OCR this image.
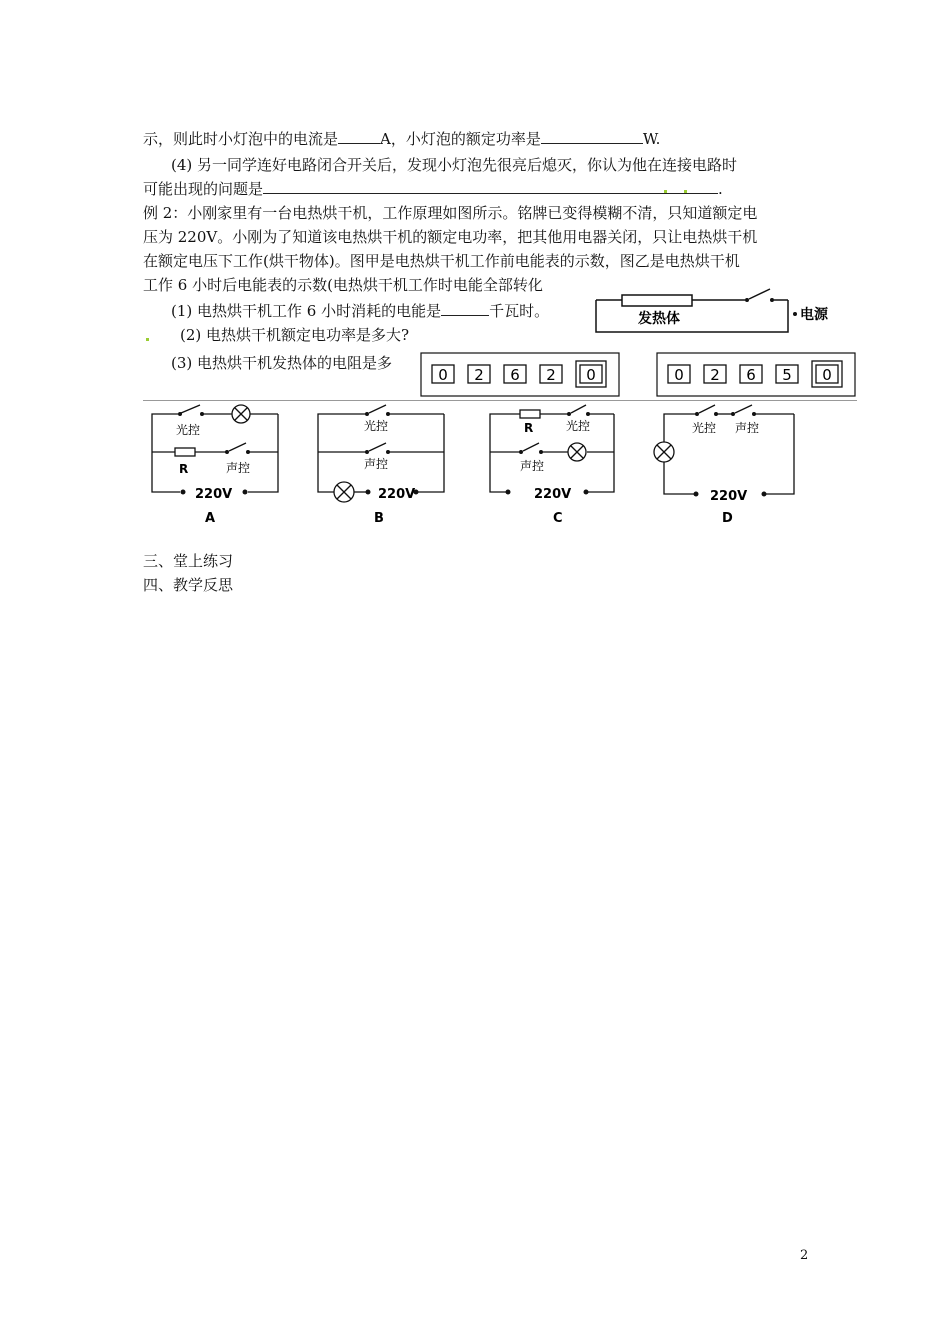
示，则此时小灯泡中的电流是	A，小灯泡的额定功率是	W.
(4) 另一同学连好电路闭合开关后，发现小灯泡先很亮后熄灭，你认为他在连接电路时
可能出现的问题是	.
例 2：小刚家里有一台电热烘干机，工作原理如图所示。铭牌已变得模糊不清，只知道额定电
压为 220V。小刚为了知道该电热烘干机的额定电功率，把其他用电器关闭，只让电热烘干机
在额定电压下工作(烘干物体)。图甲是电热烘干机工作前电能表的示数，图乙是电热烘干机
工作 6 小时后电能表的示数(电热烘干机工作时电能全部转化
(1) 电热烘干机工作 6 小时消耗的电能是	千瓦时。
(2) 电热烘干机额定电功率是多大?
(3) 电热烘干机发热体的电阻是多
发热体	电源
0 2 6 2 0	0 2 6 5 0
光控
R	声控
220V
A
光控
声控
220V
B
R	光控
声控
220V
C
光控 声控
220V
D
三、堂上练习
四、教学反思
2
